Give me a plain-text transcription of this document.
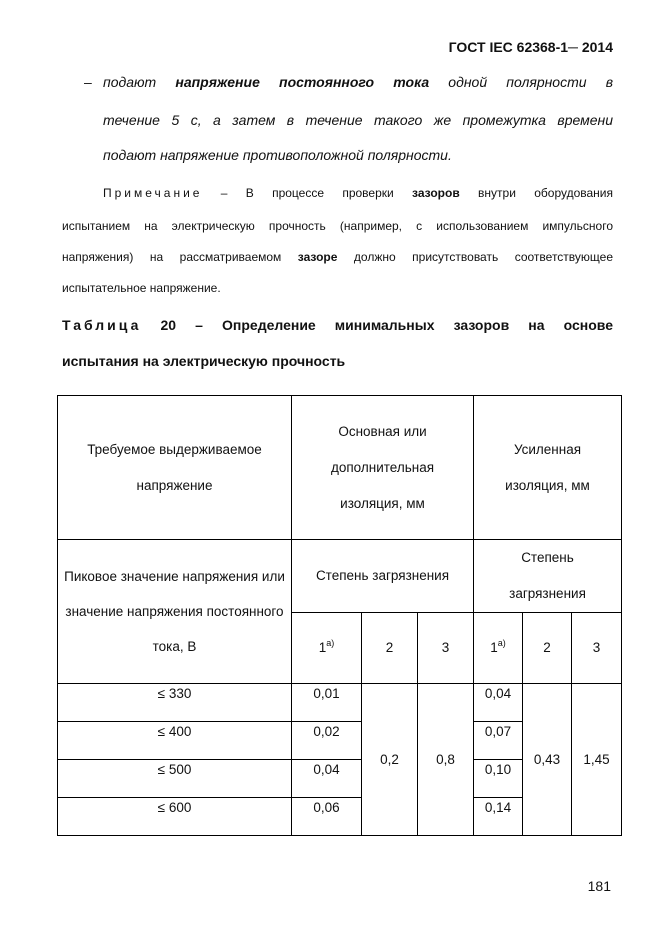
ГОСТ IEC 62368-1─ 2014
– подают напряжение постоянного тока одной полярности в
течение 5 с, а затем в течение такого же промежутка времени
подают напряжение противоположной полярности.
Примечание – В процессе проверки зазоров внутри оборудования
испытанием на электрическую прочность (например, с использованием импульсного
напряжения) на рассматриваемом зазоре должно присутствовать соответствующее
испытательное напряжение.
Таблица 20 – Определение минимальных зазоров на основе
испытания на электрическую прочность
Требуемое выдерживаемое напряжение	Основная или дополнительная изоляция, мм			Усиленная изоляция, мм		
Пиковое значение напряжения или значение напряжения постоянного тока, В	Степень загрязнения			Степень загрязнения		
	1$^{a)}$	2	3	1$^{a)}$	2	3
≤ 330	0,01	0,2	0,8	0,04	0,43	1,45
≤ 400	0,02			0,07		
≤ 500	0,04			0,10		
≤ 600	0,06			0,14		
181
